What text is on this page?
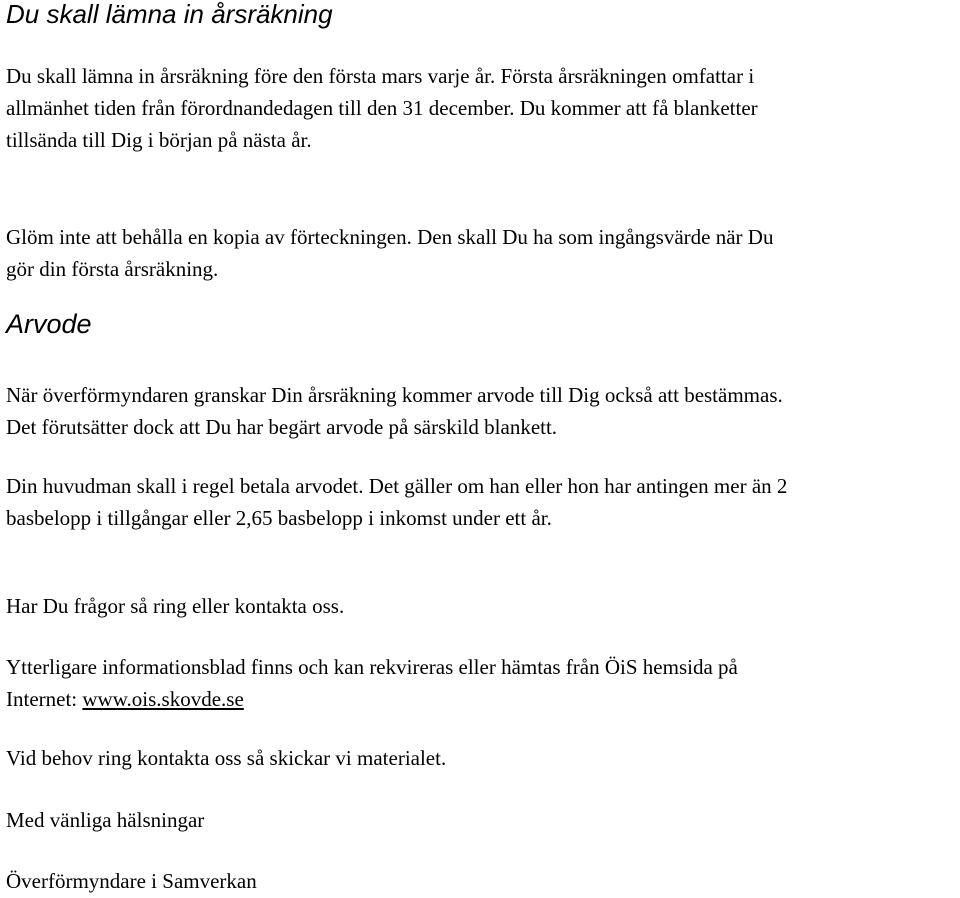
Du skall lämna in årsräkning

Du skall lämna in årsräkning före den första mars varje år. Första årsräkningen omfattar i
allmänhet tiden från förordnandedagen till den 31 december. Du kommer att få blanketter
tillsända till Dig i början på nästa år.

Glöm inte att behålla en kopia av förteckningen. Den skall Du ha som ingångsvärde när Du
gör din första årsräkning.

Arvode

När överförmyndaren granskar Din årsräkning kommer arvode till Dig också att bestämmas.
Det förutsätter dock att Du har begärt arvode på särskild blankett.

Din huvudman skall i regel betala arvodet. Det gäller om han eller hon har antingen mer än 2
basbelopp i tillgångar eller 2,65 basbelopp i inkomst under ett år.

Har Du frågor så ring eller kontakta oss.

Ytterligare informationsblad finns och kan rekvireras eller hämtas från ÖiS hemsida på
Internet: www.ois.skovde.se

Vid behov ring kontakta oss så skickar vi materialet.

Med vänliga hälsningar

Överförmyndare i Samverkan
